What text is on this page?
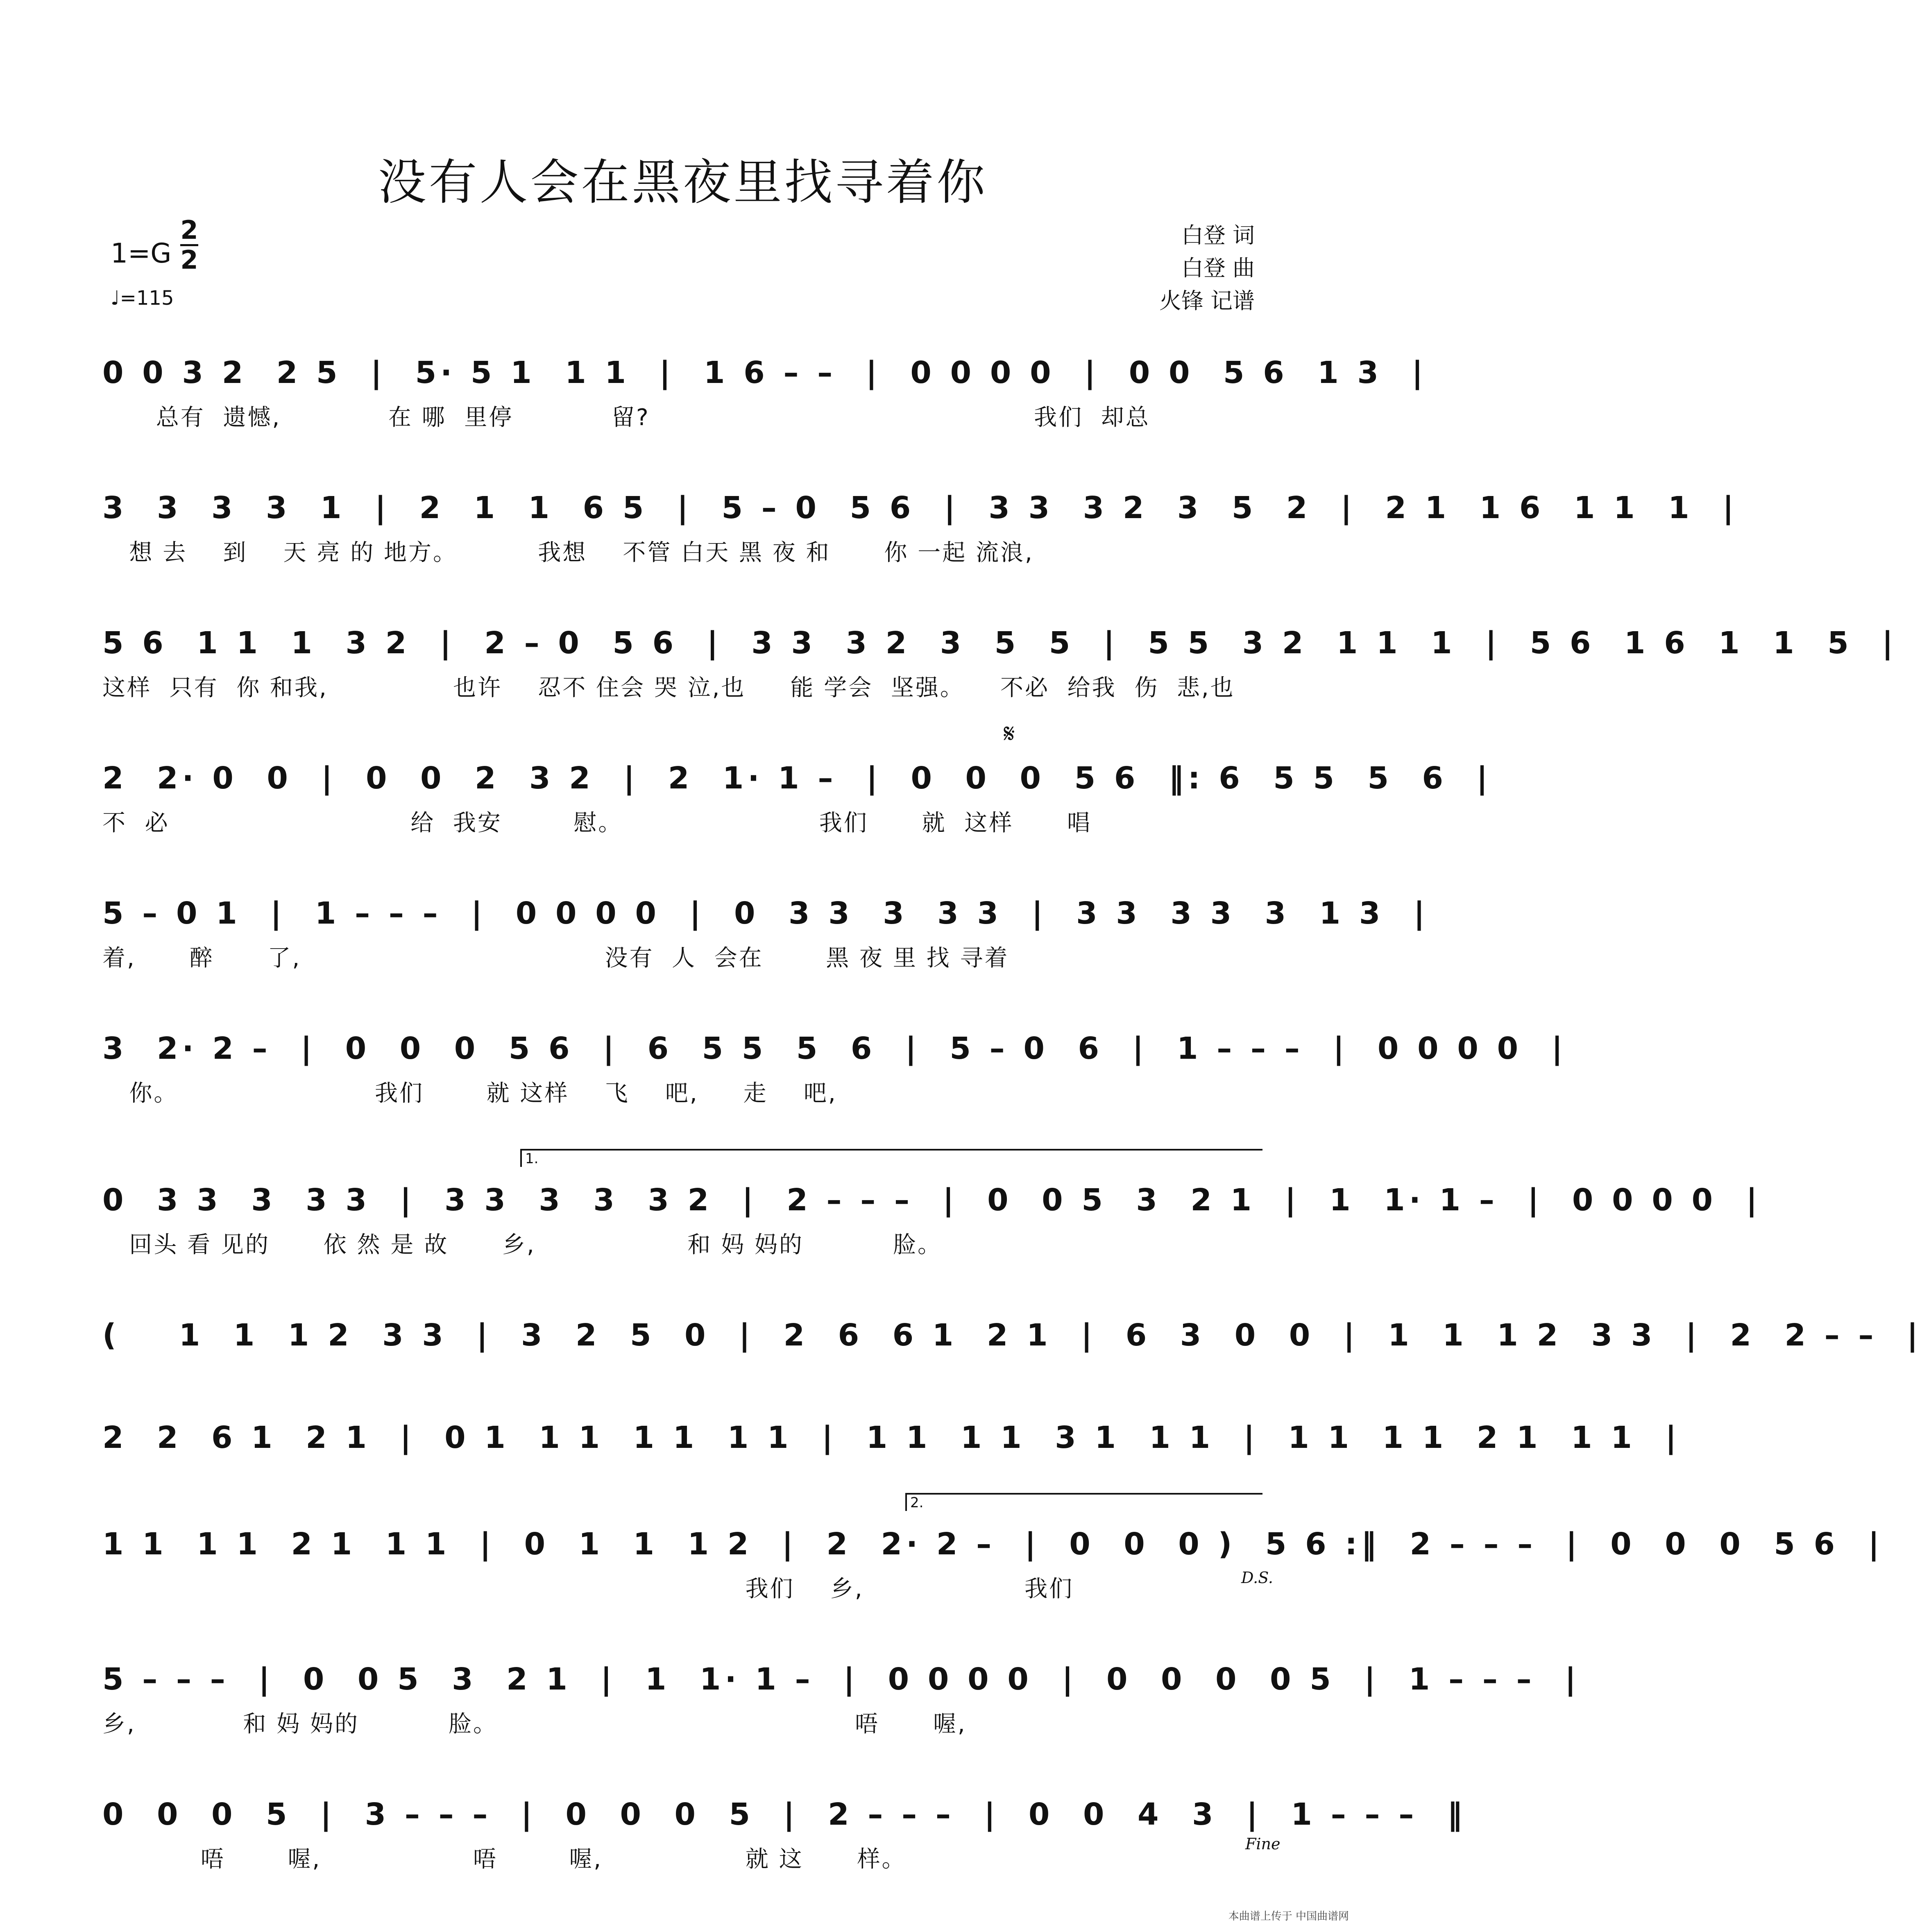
没有人会在黑夜里找寻着你
1=G
2
2
♩=115
白登 词
白登 曲
火锋 记谱
0 0 3 2  2 5  |  5· 5 1  1 1  |  1 6 – –  |  0 0 0 0  |  0 0  5 6  1 3  |
总有  遗憾,            在 哪  里停           留?                                           我们  却总
3  3  3  3  1  |  2  1  1  6 5  |  5 – 0  5 6  |  3 3  3 2  3  5  2  |  2 1  1 6  1 1  1  |
想 去    到    天 亮 的 地方。         我想    不管 白天 黑 夜 和      你 一起 流浪,
5 6  1 1  1  3 2  |  2 – 0  5 6  |  3 3  3 2  3  5  5  |  5 5  3 2  1 1  1  |  5 6  1 6  1  1  5  |
这样  只有  你 和我,              也许    忍不 住会 哭 泣,也     能 学会  坚强。    不必  给我  伤  悲,也
𝄋
2  2· 0  0  |  0  0  2  3 2  |  2  1· 1 –  |  0  0  0  5 6  ‖: 6  5 5  5  6  |
不  必                           给  我安        慰。                      我们      就  这样      唱
5 – 0 1  |  1 – – –  |  0 0 0 0  |  0  3 3  3  3 3  |  3 3  3 3  3  1 3  |
着,      醉      了,                                  没有  人  会在       黑 夜 里 找 寻着
3  2· 2 –  |  0  0  0  5 6  |  6  5 5  5  6  |  5 – 0  6  |  1 – – –  |  0 0 0 0  |
你。                      我们       就 这样    飞    吧,     走    吧,
1.
0  3 3  3  3 3  |  3 3  3  3  3 2  |  2 – – –  |  0  0 5  3  2 1  |  1  1· 1 –  |  0 0 0 0  |
回头 看 见的      依 然 是 故      乡,                 和 妈 妈的          脸。
(    1  1  1 2  3 3  |  3  2  5  0  |  2  6  6 1  2 1  |  6  3  0  0  |  1  1  1 2  3 3  |  2  2 – –  |
2  2  6 1  2 1  |  0 1  1 1  1 1  1 1  |  1 1  1 1  3 1  1 1  |  1 1  1 1  2 1  1 1  |
2.
1 1  1 1  2 1  1 1  |  0  1  1  1 2  |  2  2· 2 –  |  0  0  0 )  5 6 :‖  2 – – –  |  0  0  0  5 6  |
我们    乡,                  我们	D.S.
5 – – –  |  0  0 5  3  2 1  |  1  1· 1 –  |  0 0 0 0  |  0  0  0  0 5  |  1 – – –  |
乡,            和 妈 妈的          脸。                                        唔      喔,
0  0  0  5  |  3 – – –  |  0  0  0  5  |  2 – – –  |  0  0  4  3  |  1 – – –  ‖
唔       喔,                 唔        喔,                就 这      样。
Fine
本曲谱上传于 中国曲谱网
